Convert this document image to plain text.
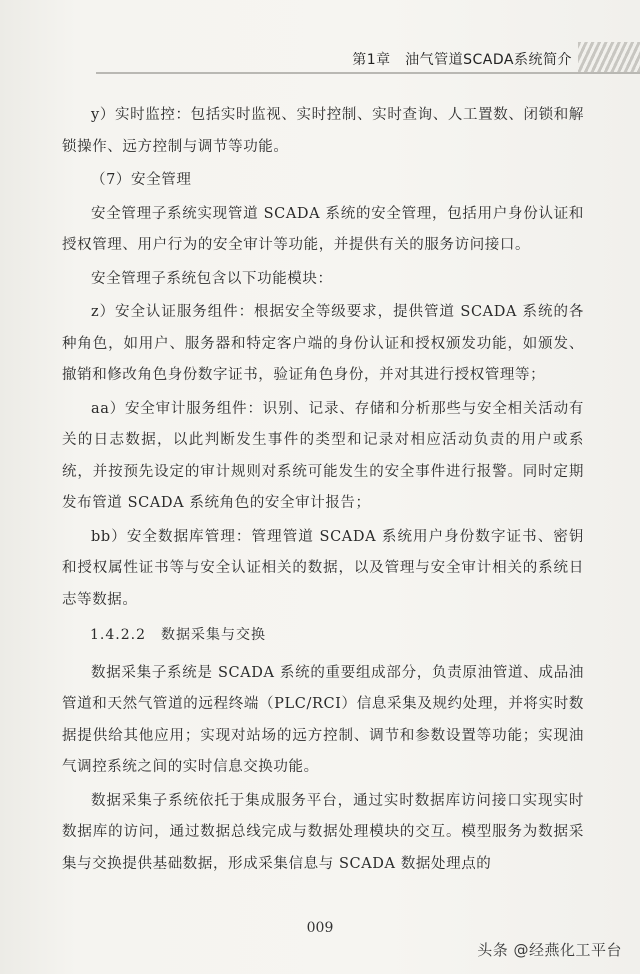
第1章　油气管道SCADA系统简介

y）实时监控：包括实时监视、实时控制、实时查询、人工置数、闭锁和解锁操作、远方控制与调节等功能。

（7）安全管理

安全管理子系统实现管道 SCADA 系统的安全管理，包括用户身份认证和授权管理、用户行为的安全审计等功能，并提供有关的服务访问接口。

安全管理子系统包含以下功能模块：

z）安全认证服务组件：根据安全等级要求，提供管道 SCADA 系统的各种角色，如用户、服务器和特定客户端的身份认证和授权颁发功能，如颁发、撤销和修改角色身份数字证书，验证角色身份，并对其进行授权管理等；

aa）安全审计服务组件：识别、记录、存储和分析那些与安全相关活动有关的日志数据，以此判断发生事件的类型和记录对相应活动负责的用户或系统，并按预先设定的审计规则对系统可能发生的安全事件进行报警。同时定期发布管道 SCADA 系统角色的安全审计报告；

bb）安全数据库管理：管理管道 SCADA 系统用户身份数字证书、密钥和授权属性证书等与安全认证相关的数据，以及管理与安全审计相关的系统日志等数据。

1.4.2.2　数据采集与交换

数据采集子系统是 SCADA 系统的重要组成部分，负责原油管道、成品油管道和天然气管道的远程终端（PLC/RCI）信息采集及规约处理，并将实时数据提供给其他应用；实现对站场的远方控制、调节和参数设置等功能；实现油气调控系统之间的实时信息交换功能。

数据采集子系统依托于集成服务平台，通过实时数据库访问接口实现实时数据库的访问，通过数据总线完成与数据处理模块的交互。模型服务为数据采集与交换提供基础数据，形成采集信息与 SCADA 数据处理点的

009
头条 @经燕化工平台
